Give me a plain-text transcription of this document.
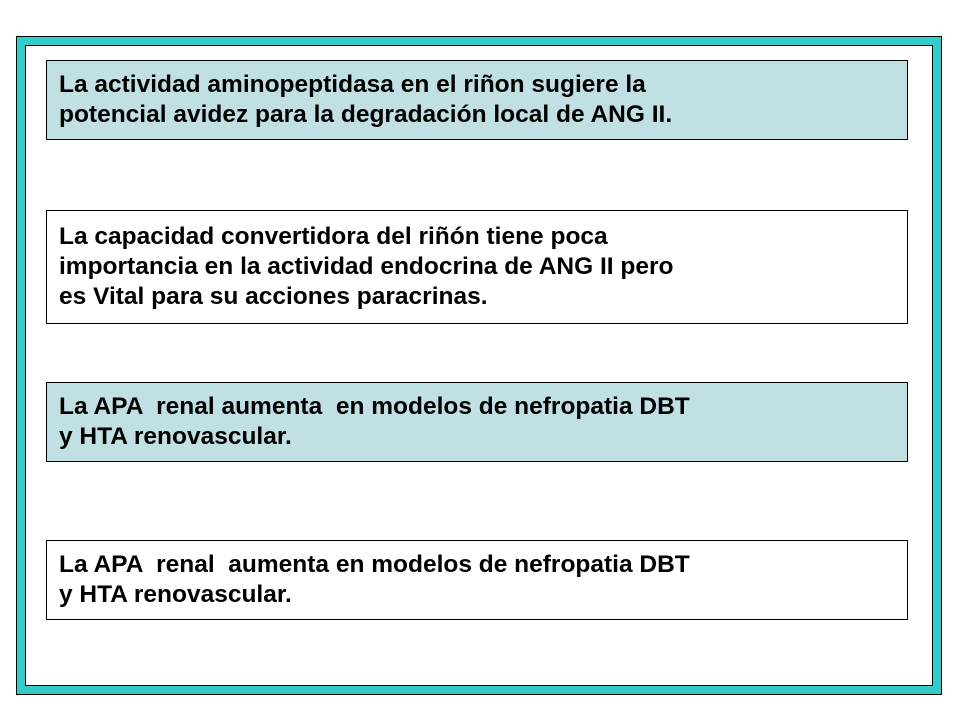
La actividad aminopeptidasa en el riñon sugiere la
potencial avidez para la degradación local de ANG II.
La capacidad convertidora del riñón tiene poca
importancia en la actividad endocrina de ANG II pero
es Vital para su acciones paracrinas.
La APA  renal aumenta  en modelos de nefropatia DBT
y HTA renovascular.
La APA  renal  aumenta en modelos de nefropatia DBT
y HTA renovascular.
